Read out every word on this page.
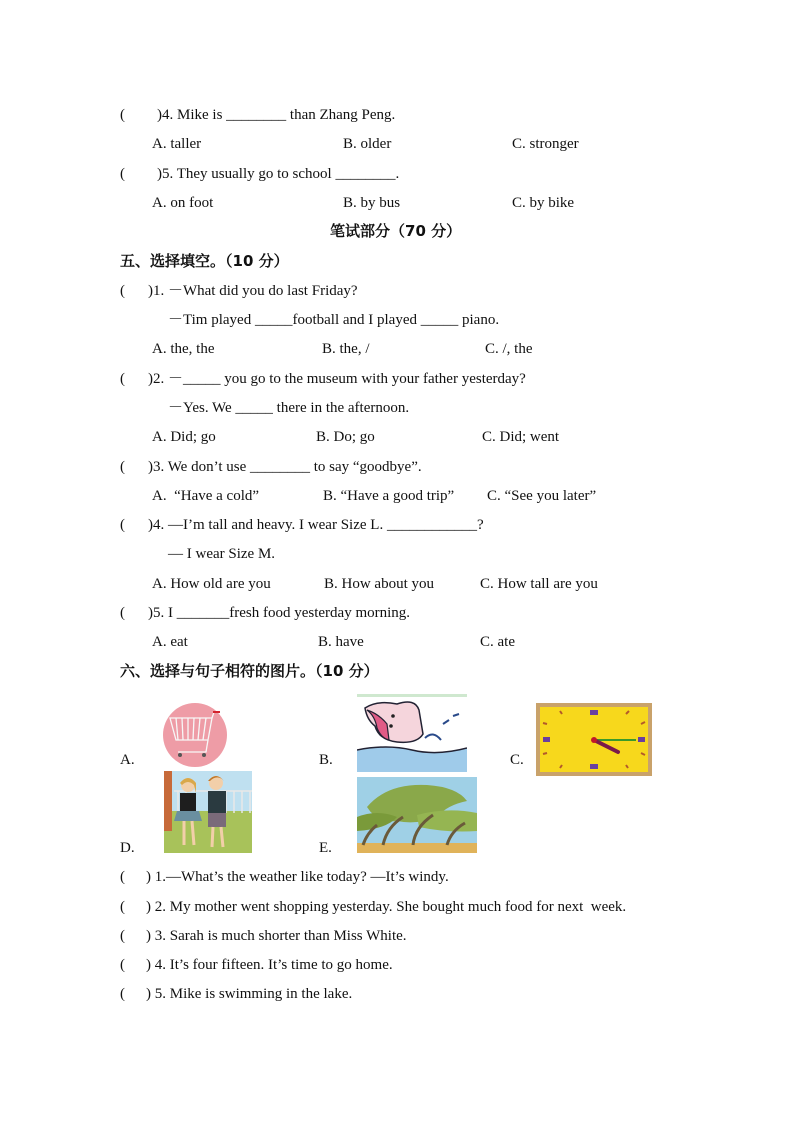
( )4. Mike is ________ than Zhang Peng.
A. taller	B. older	C. stronger
( )5. They usually go to school ________.
A. on foot	B. by bus	C. by bike
笔试部分（70 分）
五、选择填空。（10 分）
( )1. －What did you do last Friday?
－Tim played _____football and I played _____ piano.
A. the, the	B. the, /	C. /, the
( )2. －_____ you go to the museum with your father yesterday?
－Yes. We _____ there in the afternoon.
A. Did; go	B. Do; go	C. Did; went
( )3. We don’t use ________ to say “goodbye”.
A.  “Have a cold”	B. “Have a good trip” C. “See you later”
( )4. —I’m tall and heavy. I wear Size L. ____________?
— I wear Size M.
A. How old are you	B. How about you	C. How tall are you
( )5. I _______fresh food yesterday morning.
A. eat	B. have	C. ate
六、选择与句子相符的图片。（10 分）
A.	B.	C.
D.	E.
( ) 1.—What’s the weather like today? —It’s windy.
( ) 2. My mother went shopping yesterday. She bought much food for next  week.
( ) 3. Sarah is much shorter than Miss White.
( ) 4. It’s four fifteen. It’s time to go home.
( ) 5. Mike is swimming in the lake.
